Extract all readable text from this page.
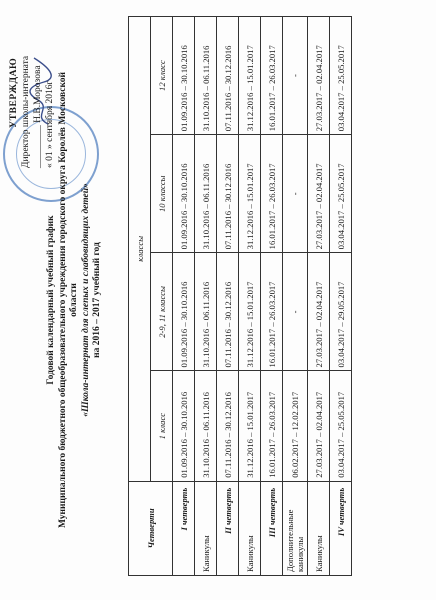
УТВЕРЖДАЮ Директор школы-интерната _________ Н.В.Морозова « 01 » сентября 2016г
Годовой календарный учебный график Муниципального бюджетного общеобразовательного учреждения городского округа Королёв Московской области «Школа-интернат для слепых и слабовидящих детей» на 2016 – 2017 учебный год
Четверти	классы			
	1 класс	2-9, 11 классы	10 классы	12 класс
I четверть	01.09.2016 – 30.10.2016	01.09.2016 – 30.10.2016	01.09.2016 – 30.10.2016	01.09.2016 – 30.10.2016
Каникулы	31.10.2016 – 06.11.2016	31.10.2016 – 06.11.2016	31.10.2016 – 06.11.2016	31.10.2016 – 06.11.2016
II четверть	07.11.2016 – 30.12.2016	07.11.2016 – 30.12.2016	07.11.2016 – 30.12.2016	07.11.2016 – 30.12.2016
Каникулы	31.12.2016 – 15.01.2017	31.12.2016 – 15.01.2017	31.12.2016 – 15.01.2017	31.12.2016 – 15.01.2017
III четверть	16.01.2017 – 26.03.2017	16.01.2017 – 26.03.2017	16.01.2017 – 26.03.2017	16.01.2017 – 26.03.2017
Дополнительные каникулы	06.02.2017 – 12.02.2017	-	-	-
Каникулы	27.03.2017 – 02.04.2017	27.03.2017 – 02.04.2017	27.03.2017 – 02.04.2017	27.03.2017 – 02.04.2017
IV четверть	03.04.2017 – 25.05.2017	03.04.2017 – 29.05.2017	03.04.2017 – 25.05.2017	03.04.2017 – 25.05.2017
